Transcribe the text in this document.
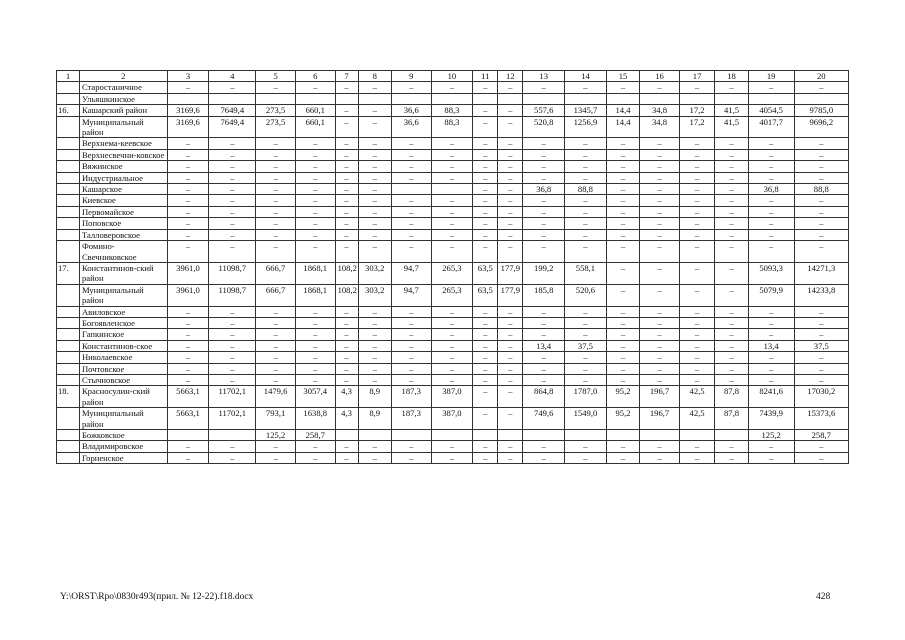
1	2	3	4	5	6	7	8	9	10	11	12	13	14	15	16	17	18	19	20
	Старостаничное	–	–	–	–	–	–	–	–	–	–	–	–	–	–	–	–	–	–
	Ульяшкинское																		
16.	Кашарский район	3169,6	7649,4	273,5	660,1	–	–	36,6	88,3	–	–	557,6	1345,7	14,4	34,8	17,2	41,5	4054,5	9785,0
	Муниципальный район	3169,6	7649,4	273,5	660,1	–	–	36,6	88,3	–	–	520,8	1256,9	14,4	34,8	17,2	41,5	4017,7	9696,2
	Верхнема-кеевское	–	–	–	–	–	–	–	–	–	–	–	–	–	–	–	–	–	–
	Верхнесвечни-ковское	–	–	–	–	–	–	–	–	–	–	–	–	–	–	–	–	–	–
	Вяжинское	–	–	–	–	–	–	–	–	–	–	–	–	–	–	–	–	–	–
	Индустриальное	–	–	–	–	–	–	–	–	–	–	–	–	–	–	–	–	–	–
	Кашарское	–	–	–	–	–	–			–	–	36,8	88,8	–	–	–	–	36,8	88,8
	Киевское	–	–	–	–	–	–	–	–	–	–	–	–	–	–	–	–	–	–
	Первомайское	–	–	–	–	–	–	–	–	–	–	–	–	–	–	–	–	–	–
	Поповское	–	–	–	–	–	–	–	–	–	–	–	–	–	–	–	–	–	–
	Талловеровское	–	–	–	–	–	–	–	–	–	–	–	–	–	–	–	–	–	–
	Фомино-Свечниковское	–	–	–	–	–	–	–	–	–	–	–	–	–	–	–	–	–	–
17.	Константинов-ский район	3961,0	11098,7	666,7	1868,1	108,2	303,2	94,7	265,3	63,5	177,9	199,2	558,1	–	–	–	–	5093,3	14271,3
	Муниципальный район	3961,0	11098,7	666,7	1868,1	108,2	303,2	94,7	265,3	63,5	177,9	185,8	520,6	–	–	–	–	5079,9	14233,8
	Авиловское	–	–	–	–	–	–	–	–	–	–	–	–	–	–	–	–	–	–
	Богоявленское	–	–	–	–	–	–	–	–	–	–	–	–	–	–	–	–	–	–
	Гапкинское	–	–	–	–	–	–	–	–	–	–	–	–	–	–	–	–	–	–
	Константинов-ское	–	–	–	–	–	–	–	–	–	–	13,4	37,5	–	–	–	–	13,4	37,5
	Николаевское	–	–	–	–	–	–	–	–	–	–	–	–	–	–	–	–	–	–
	Почтовское	–	–	–	–	–	–	–	–	–	–	–	–	–	–	–	–	–	–
	Стычновское	–	–	–	–	–	–	–	–	–	–	–	–	–	–	–	–	–	–
18.	Красносулин-ский район	5663,1	11702,1	1479,6	3057,4	4,3	8,9	187,3	387,0	–	–	864,8	1787,0	95,2	196,7	42,5	87,8	8241,6	17030,2
	Муниципальный район	5663,1	11702,1	793,1	1638,8	4,3	8,9	187,3	387,0	–	–	749,6	1549,0	95,2	196,7	42,5	87,8	7439,9	15373,6
	Божковское			125,2	258,7													125,2	258,7
	Владимировское	–	–	–	–	–	–	–	–	–	–	–	–	–	–	–	–	–	–
	Горненское	–	–	–	–	–	–	–	–	–	–	–	–	–	–	–	–	–	–
Y:\ORST\Rpo\0830r493(прил. № 12-22).f18.docx	428
